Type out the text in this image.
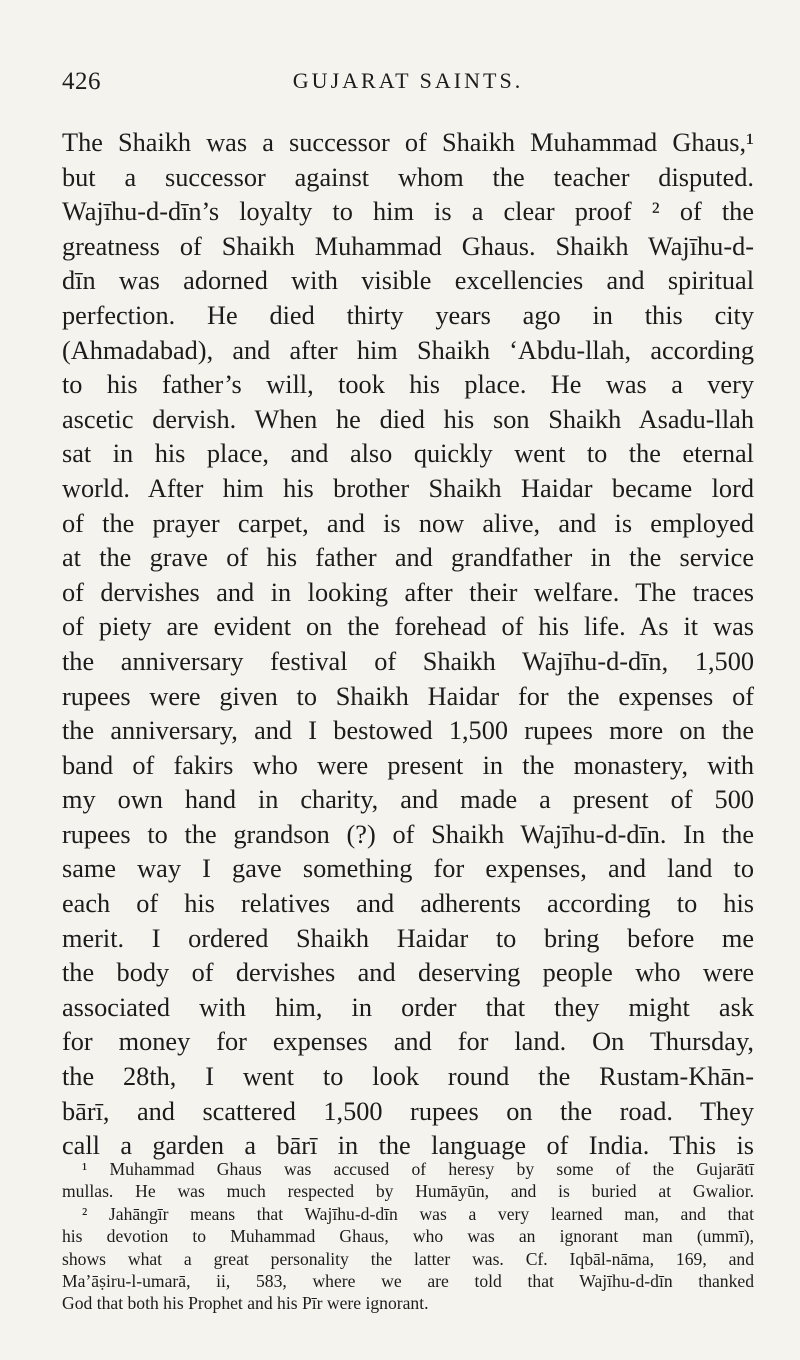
426	GUJARAT SAINTS.
The Shaikh was a successor of Shaikh Muhammad Ghaus,¹
but a successor against whom the teacher disputed.
Wajīhu-d-dīn’s loyalty to him is a clear proof ² of the
greatness of Shaikh Muhammad Ghaus. Shaikh Wajīhu-d-
dīn was adorned with visible excellencies and spiritual
perfection. He died thirty years ago in this city
(Ahmadabad), and after him Shaikh ‘Abdu-llah, according
to his father’s will, took his place. He was a very
ascetic dervish. When he died his son Shaikh Asadu-llah
sat in his place, and also quickly went to the eternal
world. After him his brother Shaikh Haidar became lord
of the prayer carpet, and is now alive, and is employed
at the grave of his father and grandfather in the service
of dervishes and in looking after their welfare. The traces
of piety are evident on the forehead of his life. As it was
the anniversary festival of Shaikh Wajīhu-d-dīn, 1,500
rupees were given to Shaikh Haidar for the expenses of
the anniversary, and I bestowed 1,500 rupees more on the
band of fakirs who were present in the monastery, with
my own hand in charity, and made a present of 500
rupees to the grandson (?) of Shaikh Wajīhu-d-dīn. In the
same way I gave something for expenses, and land to
each of his relatives and adherents according to his
merit. I ordered Shaikh Haidar to bring before me
the body of dervishes and deserving people who were
associated with him, in order that they might ask
for money for expenses and for land. On Thursday,
the 28th, I went to look round the Rustam-Khān-
bārī, and scattered 1,500 rupees on the road. They
call a garden a bārī in the language of India. This is
¹ Muhammad Ghaus was accused of heresy by some of the Gujarātī
mullas. He was much respected by Humāyūn, and is buried at Gwalior.
² Jahāngīr means that Wajīhu-d-dīn was a very learned man, and that
his devotion to Muhammad Ghaus, who was an ignorant man (ummī),
shows what a great personality the latter was. Cf. Iqbāl-nāma, 169, and
Ma’āṣiru-l-umarā, ii, 583, where we are told that Wajīhu-d-dīn thanked
God that both his Prophet and his Pīr were ignorant.
